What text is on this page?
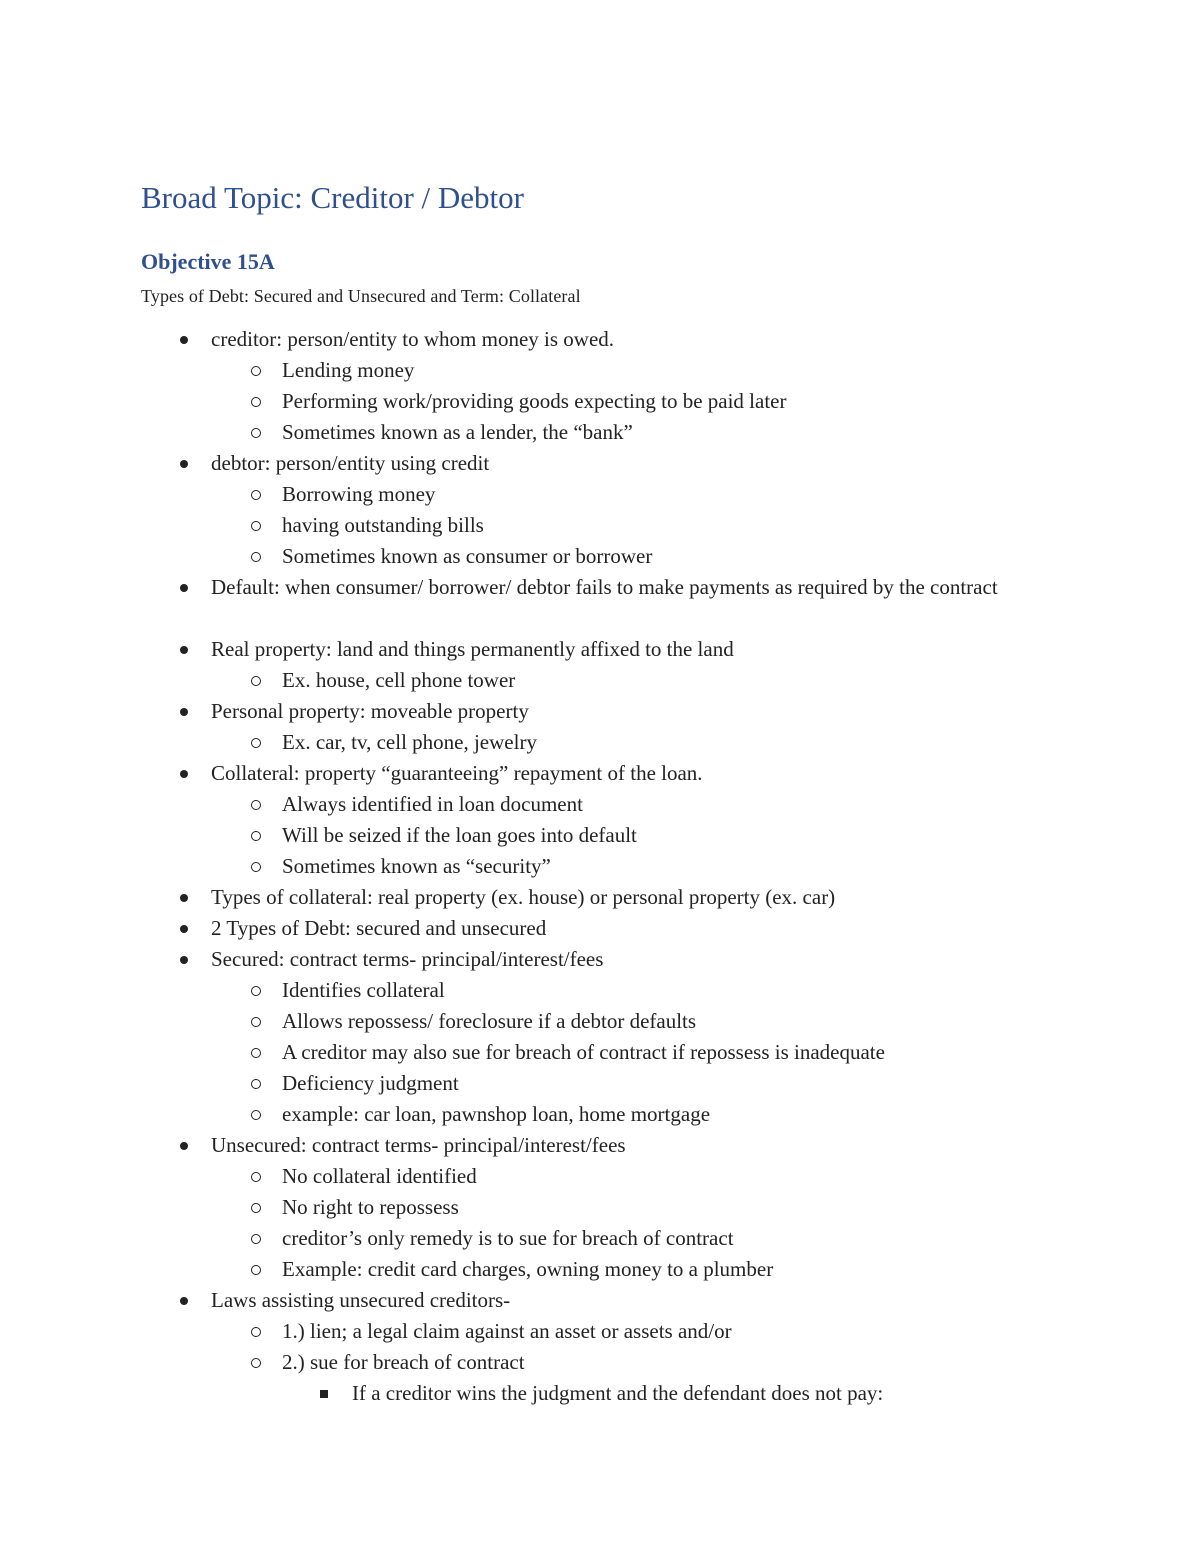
Broad Topic: Creditor / Debtor
Objective 15A

Types of Debt: Secured and Unsecured and Term: Collateral

creditor: person/entity to whom money is owed.
Lending money
Performing work/providing goods expecting to be paid later
Sometimes known as a lender, the “bank”
debtor: person/entity using credit
Borrowing money
having outstanding bills
Sometimes known as consumer or borrower
Default: when consumer/ borrower/ debtor fails to make payments as required by the contract
Real property: land and things permanently affixed to the land
Ex. house, cell phone tower
Personal property: moveable property
Ex. car, tv, cell phone, jewelry
Collateral: property “guaranteeing” repayment of the loan.
Always identified in loan document
Will be seized if the loan goes into default
Sometimes known as “security”
Types of collateral: real property (ex. house) or personal property (ex. car)
2 Types of Debt: secured and unsecured
Secured: contract terms- principal/interest/fees
Identifies collateral
Allows repossess/ foreclosure if a debtor defaults
A creditor may also sue for breach of contract if repossess is inadequate
Deficiency judgment
example: car loan, pawnshop loan, home mortgage
Unsecured: contract terms- principal/interest/fees
No collateral identified
No right to repossess
creditor’s only remedy is to sue for breach of contract
Example: credit card charges, owning money to a plumber
Laws assisting unsecured creditors-
1.) lien; a legal claim against an asset or assets and/or
2.) sue for breach of contract
If a creditor wins the judgment and the defendant does not pay:
